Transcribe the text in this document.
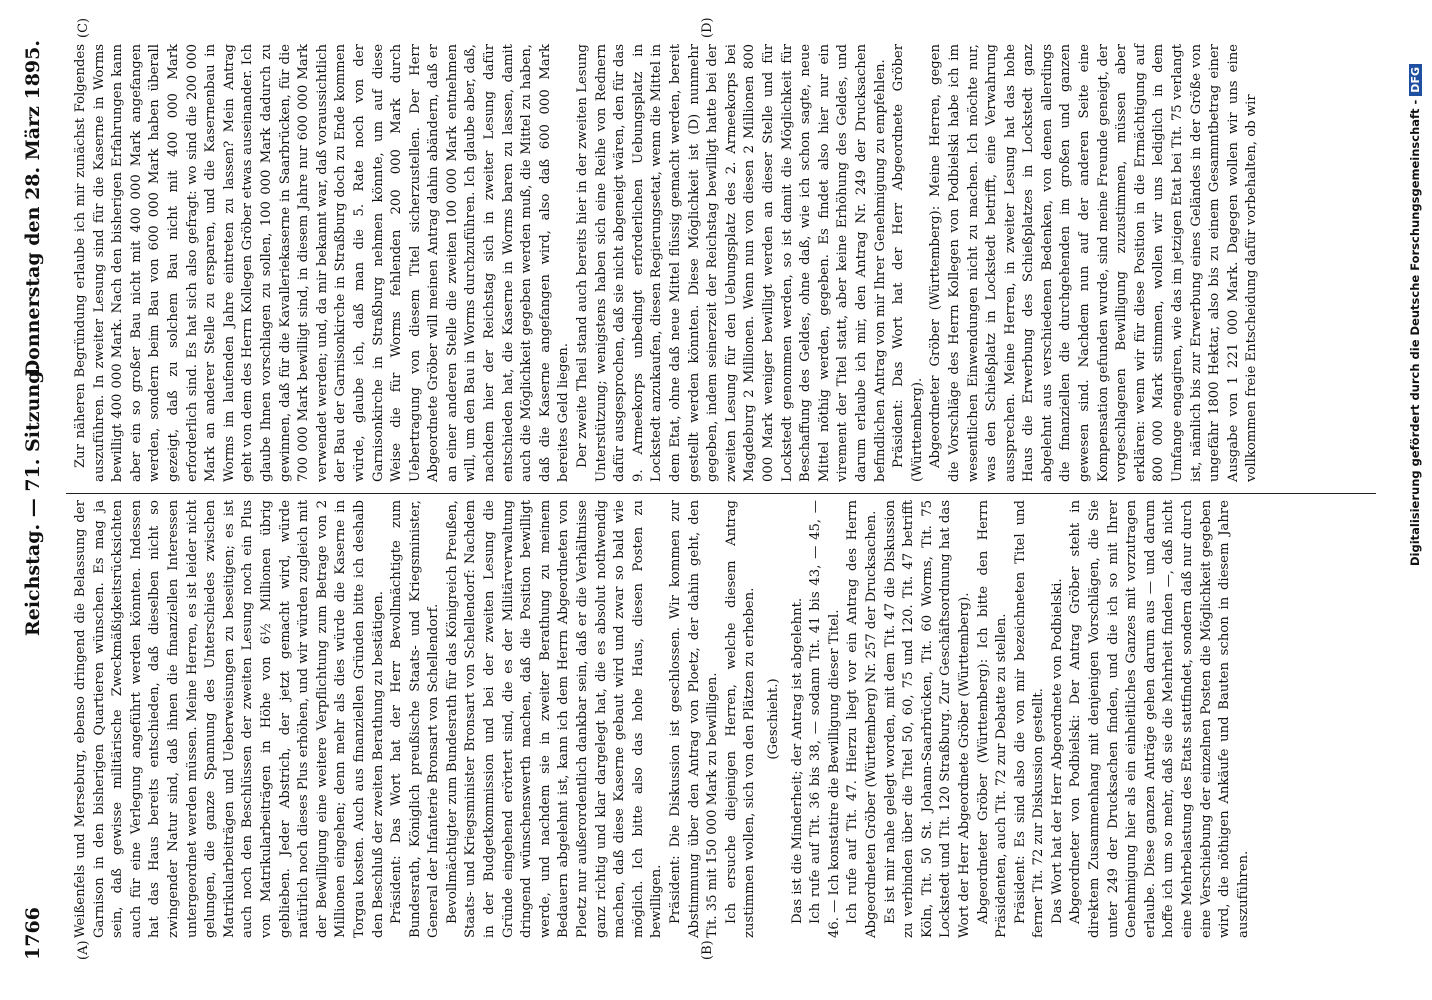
1766
Reichstag. — 71. Sitzung.
Donnerstag den 28. März 1895.
(A)	(B)
(C)	(D)

Weißenfels und Merseburg, ebenso dringend die Belassung der Garnison in den bisherigen Quartieren wünschen. Es mag ja sein, daß gewisse militärische Zweckmäßigkeitsrücksichten auch für eine Verlegung angeführt werden könnten. Indessen hat das Haus bereits entschieden, daß dieselben nicht so zwingender Natur sind, daß ihnen die finanziellen Interessen untergeordnet werden müssen. Meine Herren, es ist leider nicht gelungen, die ganze Spannung des Unterschiedes zwischen Matrikularbeiträgen und Ueberweisungen zu beseitigen; es ist auch noch den Beschlüssen der zweiten Lesung noch ein Plus von Matrikularbeiträgen in Höhe von 6½ Millionen übrig geblieben. Jeder Abstrich, der jetzt gemacht wird, würde natürlich noch dieses Plus erhöhen, und wir würden zugleich mit der Bewilligung eine weitere Verpflichtung zum Betrage von 2 Millionen eingehen; denn mehr als dies würde die Kaserne in Torgau kosten. Auch aus finanziellen Gründen bitte ich deshalb den Beschluß der zweiten Berathung zu bestätigen. Präsident: Das Wort hat der Herr Bevollmächtigte zum Bundesrath, Königlich preußische Staats- und Kriegsminister, General der Infanterie Bronsart von Schellendorf. Bevollmächtigter zum Bundesrath für das Königreich Preußen, Staats- und Kriegsminister Bronsart von Schellendorf: Nachdem in der Budgetkommission und bei der zweiten Lesung die Gründe eingehend erörtert sind, die es der Militärverwaltung dringend wünschenswerth machen, daß die Position bewilligt werde, und nachdem sie in zweiter Berathung zu meinem Bedauern abgelehnt ist, kann ich dem Herrn Abgeordneten von Ploetz nur außerordentlich dankbar sein, daß er die Verhältnisse ganz richtig und klar dargelegt hat, die es absolut nothwendig machen, daß diese Kaserne gebaut wird und zwar so bald wie möglich. Ich bitte also das hohe Haus, diesen Posten zu bewilligen. Präsident: Die Diskussion ist geschlossen. Wir kommen zur Abstimmung über den Antrag von Ploetz, der dahin geht, den Tit. 35 mit 150 000 Mark zu bewilligen. Ich ersuche diejenigen Herren, welche diesem Antrag zustimmen wollen, sich von den Plätzen zu erheben. (Geschieht.) Das ist die Minderheit; der Antrag ist abgelehnt. Ich rufe auf Tit. 36 bis 38, — sodann Tit. 41 bis 43, — 45, — 46. — Ich konstatire die Bewilligung dieser Titel. Ich rufe auf Tit. 47. Hierzu liegt vor ein Antrag des Herrn Abgeordneten Gröber (Württemberg) Nr. 257 der Drucksachen. Es ist mir nahe gelegt worden, mit dem Tit. 47 die Diskussion zu verbinden über die Titel 50, 60, 75 und 120. Tit. 47 betrifft Köln, Tit. 50 St. Johann-Saarbrücken, Tit. 60 Worms, Tit. 75 Lockstedt und Tit. 120 Straßburg. Zur Geschäftsordnung hat das Wort der Herr Abgeordnete Gröber (Württemberg). Abgeordneter Gröber (Württemberg): Ich bitte den Herrn Präsidenten, auch Tit. 72 zur Debatte zu stellen. Präsident: Es sind also die von mir bezeichneten Titel und ferner Tit. 72 zur Diskussion gestellt. Das Wort hat der Herr Abgeordnete von Podbielski. Abgeordneter von Podbielski: Der Antrag Gröber steht in direktem Zusammenhang mit denjenigen Vorschlägen, die Sie unter 249 der Drucksachen finden, und die ich so mit Ihrer Genehmigung hier als ein einheitliches Ganzes mit vorzutragen erlaube. Diese ganzen Anträge gehen darum aus — und darum hoffe ich um so mehr, daß sie die Mehrheit finden —, daß nicht eine Mehrbelastung des Etats stattfindet, sondern daß nur durch eine Verschiebung der einzelnen Posten die Möglichkeit gegeben wird, die nöthigen Ankäufe und Bauten schon in diesem Jahre auszuführen.

Zur näheren Begründung erlaube ich mir zunächst Folgendes auszuführen. In zweiter Lesung sind für die Kaserne in Worms bewilligt 400 000 Mark. Nach den bisherigen Erfahrungen kann aber ein so großer Bau nicht mit 400 000 Mark angefangen werden, sondern beim Bau von 600 000 Mark haben überall gezeigt, daß zu solchem Bau nicht mit 400 000 Mark erforderlich sind. Es hat sich also gefragt: wo sind die 200 000 Mark an anderer Stelle zu ersparen, und die Kasernenbau in Worms im laufenden Jahre eintreten zu lassen? Mein Antrag geht von dem des Herrn Kollegen Gröber etwas auseinander. Ich glaube Ihnen vorschlagen zu sollen, 100 000 Mark dadurch zu gewinnen, daß für die Kavalleriekaserne in Saarbrücken, für die 700 000 Mark bewilligt sind, in diesem Jahre nur 600 000 Mark verwendet werden; und, da mir bekannt war, daß voraussichtlich der Bau der Garnisonkirche in Straßburg doch zu Ende kommen würde, glaube ich, daß man die 5. Rate noch von der Garnisonkirche in Straßburg nehmen könnte, um auf diese Weise die für Worms fehlenden 200 000 Mark durch Uebertragung von diesem Titel sicherzustellen. Der Herr Abgeordnete Gröber will meinen Antrag dahin abändern, daß er an einer anderen Stelle die zweiten 100 000 Mark entnehmen will, um den Bau in Worms durchzuführen. Ich glaube aber, daß, nachdem hier der Reichstag sich in zweiter Lesung dafür entschieden hat, die Kaserne in Worms baren zu lassen, damit auch die Möglichkeit gegeben werden muß, die Mittel zu haben, daß die Kaserne angefangen wird, also daß 600 000 Mark bereites Geld liegen. Der zweite Theil stand auch bereits hier in der zweiten Lesung Unterstützung; wenigstens haben sich eine Reihe von Rednern dafür ausgesprochen, daß sie nicht abgeneigt wären, den für das 9. Armeekorps unbedingt erforderlichen Uebungsplatz in Lockstedt anzukaufen, diesen Regierungsetat, wenn die Mittel in dem Etat, ohne daß neue Mittel flüssig gemacht werden, bereit gestellt werden könnten. Diese Möglichkeit ist (D) nunmehr gegeben, indem seinerzeit der Reichstag bewilligt hatte bei der zweiten Lesung für den Uebungsplatz des 2. Armeekorps bei Magdeburg 2 Millionen. Wenn nun von diesen 2 Millionen 800 000 Mark weniger bewilligt werden an dieser Stelle und für Lockstedt genommen werden, so ist damit die Möglichkeit für Beschaffung des Geldes, ohne daß, wie ich schon sagte, neue Mittel nöthig werden, gegeben. Es findet also hier nur ein virement der Titel statt, aber keine Erhöhung des Geldes, und darum erlaube ich mir, den Antrag Nr. 249 der Drucksachen befindlichen Antrag von mir Ihrer Genehmigung zu empfehlen. Präsident: Das Wort hat der Herr Abgeordnete Gröber (Württemberg). Abgeordneter Gröber (Württemberg): Meine Herren, gegen die Vorschläge des Herrn Kollegen von Podbielski habe ich im wesentlichen Einwendungen nicht zu machen. Ich möchte nur, was den Schießplatz in Lockstedt betrifft, eine Verwahrung aussprechen. Meine Herren, in zweiter Lesung hat das hohe Haus die Erwerbung des Schießplatzes in Lockstedt ganz abgelehnt aus verschiedenen Bedenken, von denen allerdings die finanziellen die durchgehenden im großen und ganzen gewesen sind. Nachdem nun auf der anderen Seite eine Kompensation gefunden wurde, sind meine Freunde geneigt, der vorgeschlagenen Bewilligung zuzustimmen, müssen aber erklären: wenn wir für diese Position in die Ermächtigung auf 800 000 Mark stimmen, wollen wir uns lediglich in dem Umfange engagiren, wie das im jetzigen Etat bei Tit. 75 verlangt ist, nämlich bis zur Erwerbung eines Geländes in der Größe von ungefähr 1800 Hektar, also bis zu einem Gesammtbetrag einer Ausgabe von 1 221 000 Mark. Dagegen wollen wir uns eine vollkommen freie Entscheidung dafür vorbehalten, ob wir	Digitalisierung gefördert durch die Deutsche Forschungsgemeinschaft -DFG
